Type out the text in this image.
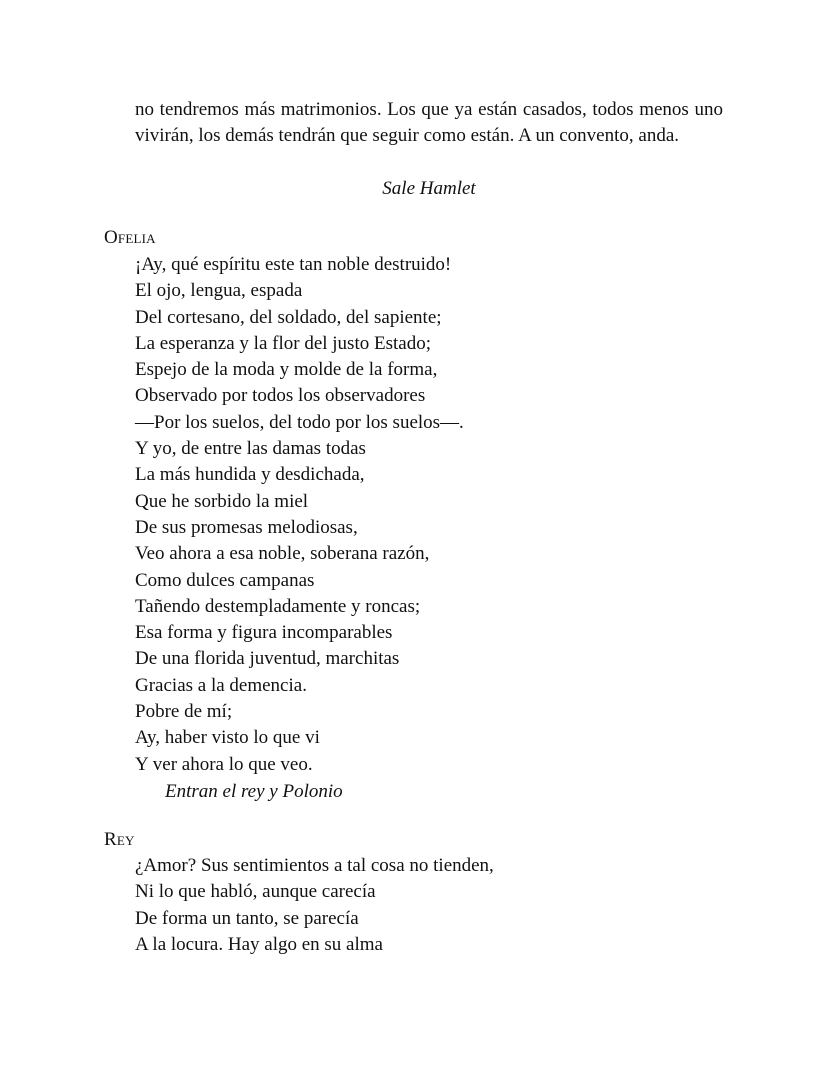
no tendremos más matrimonios. Los que ya están casados, todos menos uno vivirán, los demás tendrán que seguir como están. A un convento, anda.

Sale Hamlet

Ofelia

¡Ay, qué espíritu este tan noble destruido!
El ojo, lengua, espada
Del cortesano, del soldado, del sapiente;
La esperanza y la flor del justo Estado;
Espejo de la moda y molde de la forma,
Observado por todos los observadores
—Por los suelos, del todo por los suelos—.
Y yo, de entre las damas todas
La más hundida y desdichada,
Que he sorbido la miel
De sus promesas melodiosas,
Veo ahora a esa noble, soberana razón,
Como dulces campanas
Tañendo destempladamente y roncas;
Esa forma y figura incomparables
De una florida juventud, marchitas
Gracias a la demencia.
Pobre de mí;
Ay, haber visto lo que vi
Y ver ahora lo que veo.

Entran el rey y Polonio

Rey

¿Amor? Sus sentimientos a tal cosa no tienden,
Ni lo que habló, aunque carecía
De forma un tanto, se parecía
A la locura. Hay algo en su alma
